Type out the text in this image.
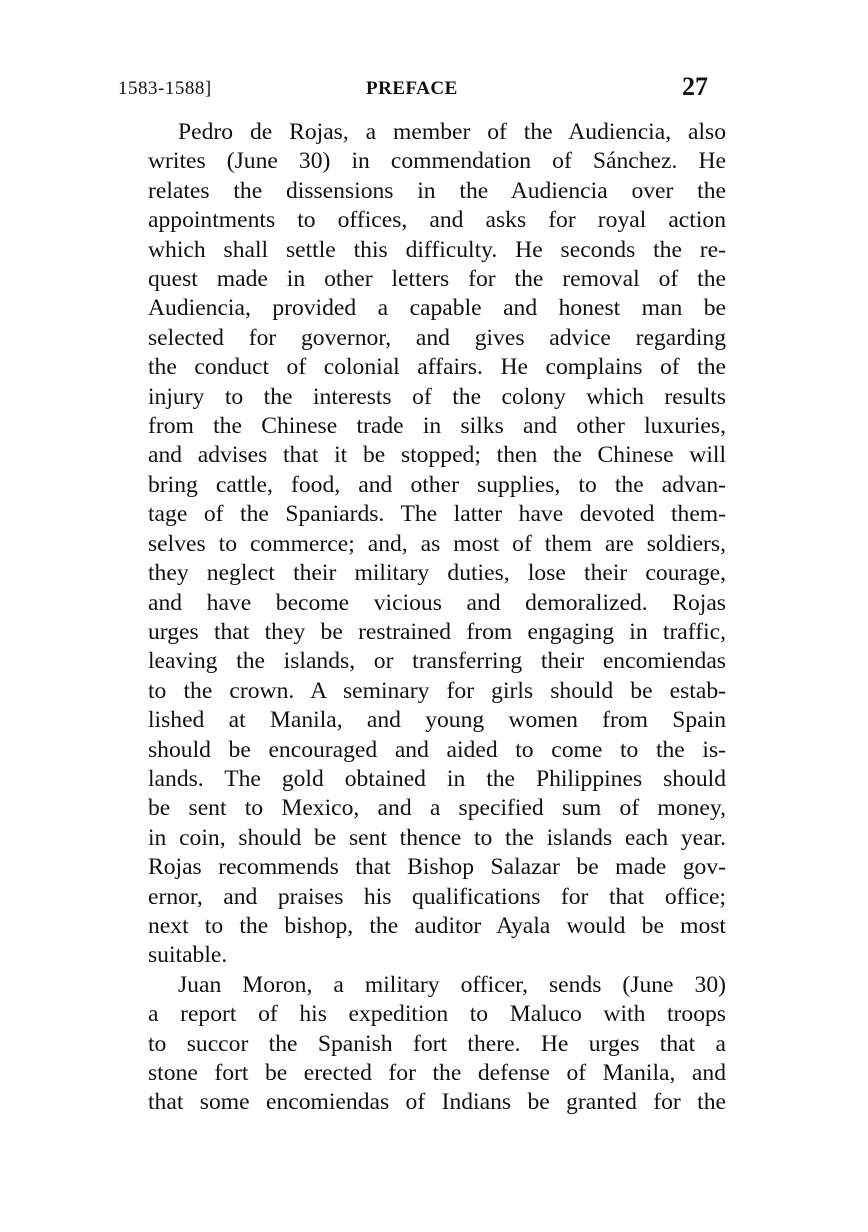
1583-1588]	PREFACE	27
Pedro de Rojas, a member of the Audiencia, also
writes (June 30) in commendation of Sánchez. He
relates the dissensions in the Audiencia over the
appointments to offices, and asks for royal action
which shall settle this difficulty. He seconds the re-
quest made in other letters for the removal of the
Audiencia, provided a capable and honest man be
selected for governor, and gives advice regarding
the conduct of colonial affairs. He complains of the
injury to the interests of the colony which results
from the Chinese trade in silks and other luxuries,
and advises that it be stopped; then the Chinese will
bring cattle, food, and other supplies, to the advan-
tage of the Spaniards. The latter have devoted them-
selves to commerce; and, as most of them are soldiers,
they neglect their military duties, lose their courage,
and have become vicious and demoralized. Rojas
urges that they be restrained from engaging in traffic,
leaving the islands, or transferring their encomiendas
to the crown. A seminary for girls should be estab-
lished at Manila, and young women from Spain
should be encouraged and aided to come to the is-
lands. The gold obtained in the Philippines should
be sent to Mexico, and a specified sum of money,
in coin, should be sent thence to the islands each year.
Rojas recommends that Bishop Salazar be made gov-
ernor, and praises his qualifications for that office;
next to the bishop, the auditor Ayala would be most
suitable.
Juan Moron, a military officer, sends (June 30)
a report of his expedition to Maluco with troops
to succor the Spanish fort there. He urges that a
stone fort be erected for the defense of Manila, and
that some encomiendas of Indians be granted for the
